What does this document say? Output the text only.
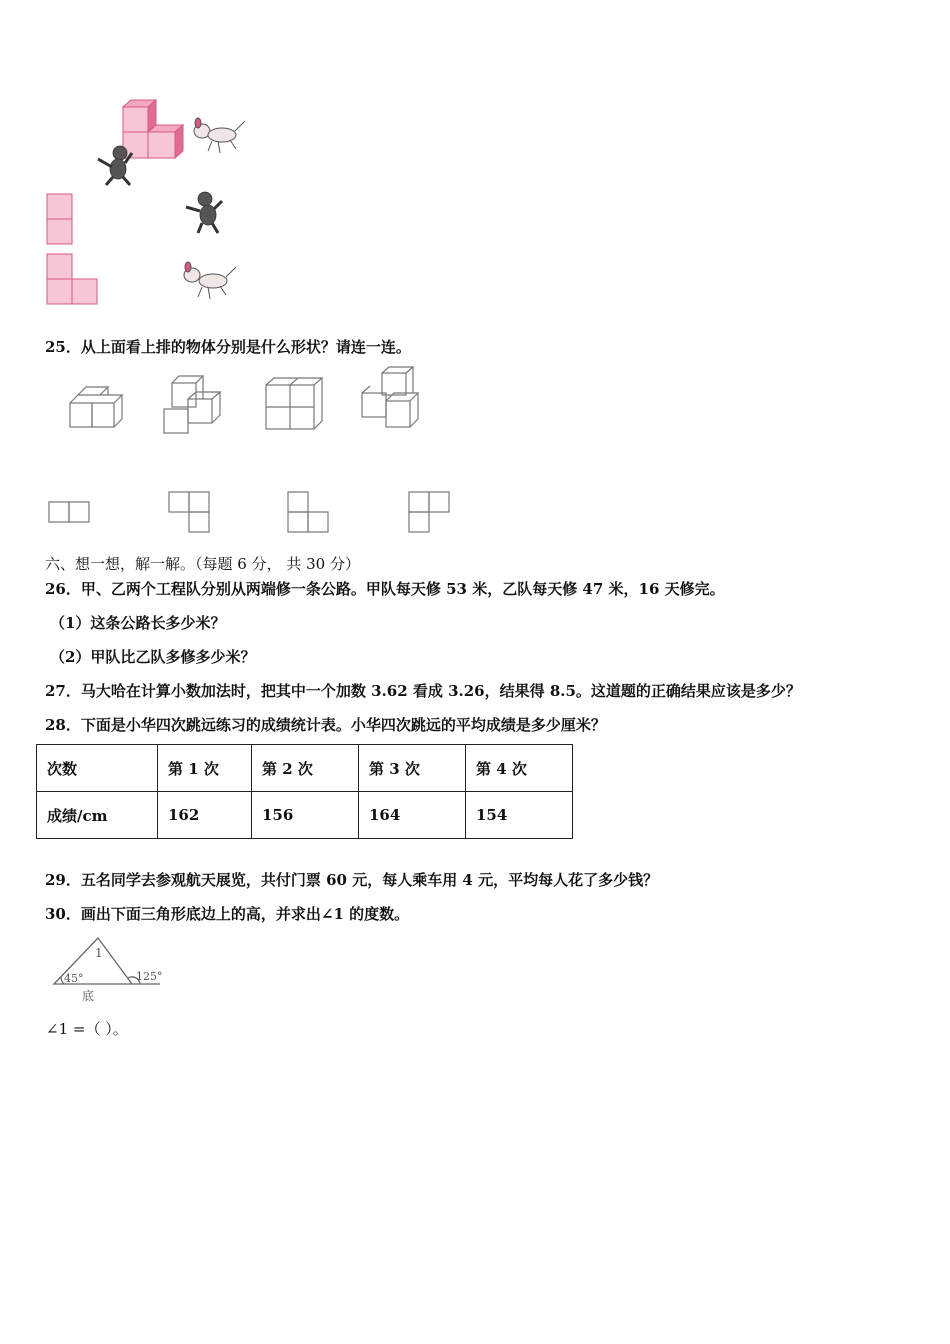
25．从上面看上排的物体分别是什么形状？请连一连。
六、想一想，解一解。（每题 6 分， 共 30 分）
26．甲、乙两个工程队分别从两端修一条公路。甲队每天修 53 米，乙队每天修 47 米，16 天修完。
（1）这条公路长多少米？
（2）甲队比乙队多修多少米？
27．马大哈在计算小数加法时，把其中一个加数 3.62 看成 3.26，结果得 8.5。这道题的正确结果应该是多少？
28．下面是小华四次跳远练习的成绩统计表。小华四次跳远的平均成绩是多少厘米？
次数	第 1 次	第 2 次	第 3 次	第 4 次
成绩/cm	162	156	164	154
29．五名同学去参观航天展览，共付门票 60 元，每人乘车用 4 元，平均每人花了多少钱？
30．画出下面三角形底边上的高，并求出∠1 的度数。
1
45°	125°
底
∠1 =（ ）。
